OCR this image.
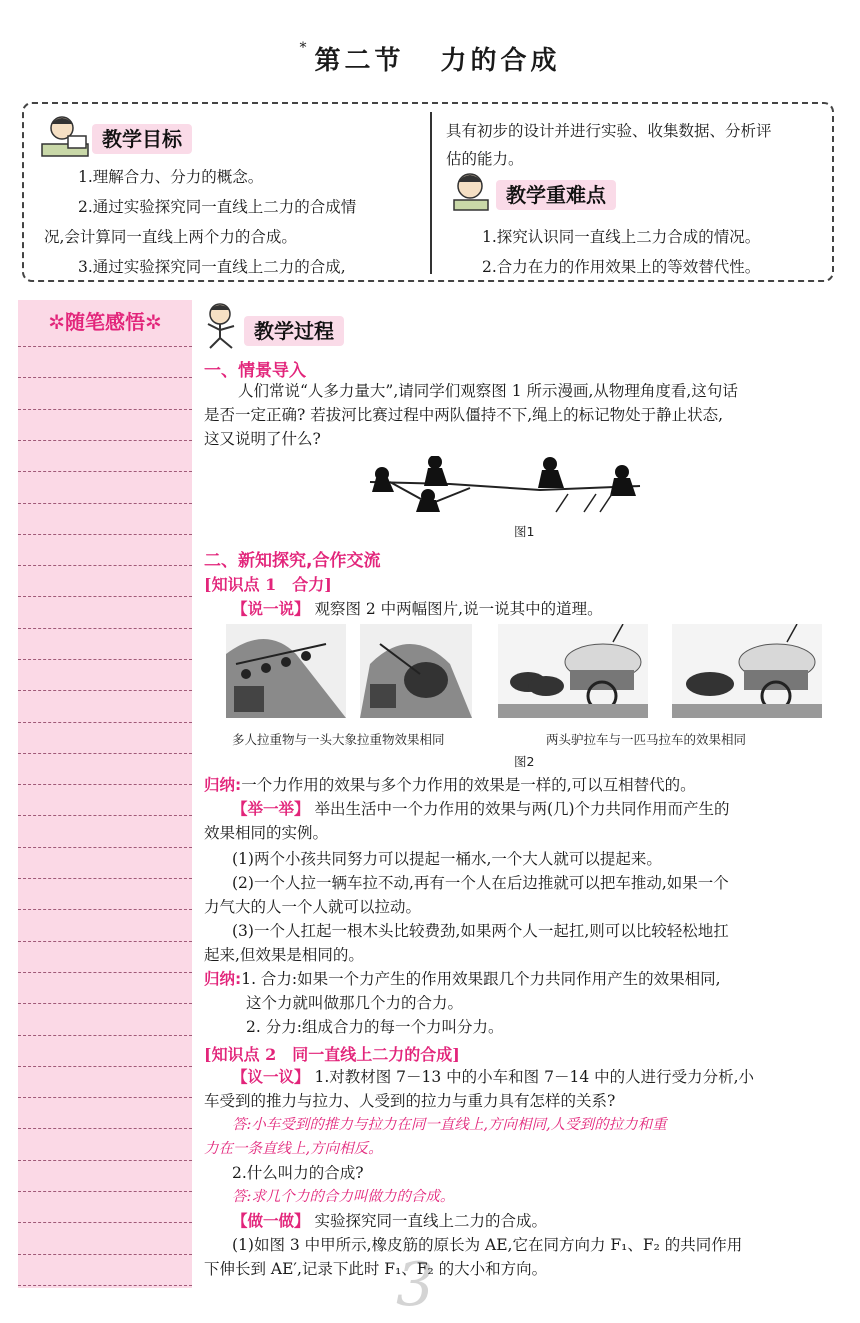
* 第二节 力的合成
教学目标
1.理解合力、分力的概念。
2.通过实验探究同一直线上二力的合成情
况,会计算同一直线上两个力的合成。
3.通过实验探究同一直线上二力的合成,
具有初步的设计并进行实验、收集数据、分析评
估的能力。
教学重难点
1.探究认识同一直线上二力合成的情况。
2.合力在力的作用效果上的等效替代性。
✲随笔感悟✲	教学过程
一、情景导入
人们常说“人多力量大”,请同学们观察图 1 所示漫画,从物理角度看,这句话
是否一定正确? 若拔河比赛过程中两队僵持不下,绳上的标记物处于静止状态,
这又说明了什么?
图1
二、新知探究,合作交流
[知识点 1　合力]
【说一说】 观察图 2 中两幅图片,说一说其中的道理。
多人拉重物与一头大象拉重物效果相同	两头驴拉车与一匹马拉车的效果相同
图2
归纳:一个力作用的效果与多个力作用的效果是一样的,可以互相替代的。
【举一举】 举出生活中一个力作用的效果与两(几)个力共同作用而产生的
效果相同的实例。
(1)两个小孩共同努力可以提起一桶水,一个大人就可以提起来。
(2)一个人拉一辆车拉不动,再有一个人在后边推就可以把车推动,如果一个
力气大的人一个人就可以拉动。
(3)一个人扛起一根木头比较费劲,如果两个人一起扛,则可以比较轻松地扛
起来,但效果是相同的。
归纳:1. 合力:如果一个力产生的作用效果跟几个力共同作用产生的效果相同,
这个力就叫做那几个力的合力。
2. 分力:组成合力的每一个力叫分力。
[知识点 2　同一直线上二力的合成]
【议一议】 1.对教材图 7－13 中的小车和图 7－14 中的人进行受力分析,小
车受到的推力与拉力、人受到的拉力与重力具有怎样的关系?
答:小车受到的推力与拉力在同一直线上,方向相同,人受到的拉力和重
力在一条直线上,方向相反。
2.什么叫力的合成?
答:求几个力的合力叫做力的合成。
【做一做】 实验探究同一直线上二力的合成。
(1)如图 3 中甲所示,橡皮筋的原长为 AE,它在同方向力 F₁、F₂ 的共同作用
下伸长到 AE′,记录下此时 F₁、F₂ 的大小和方向。
3
